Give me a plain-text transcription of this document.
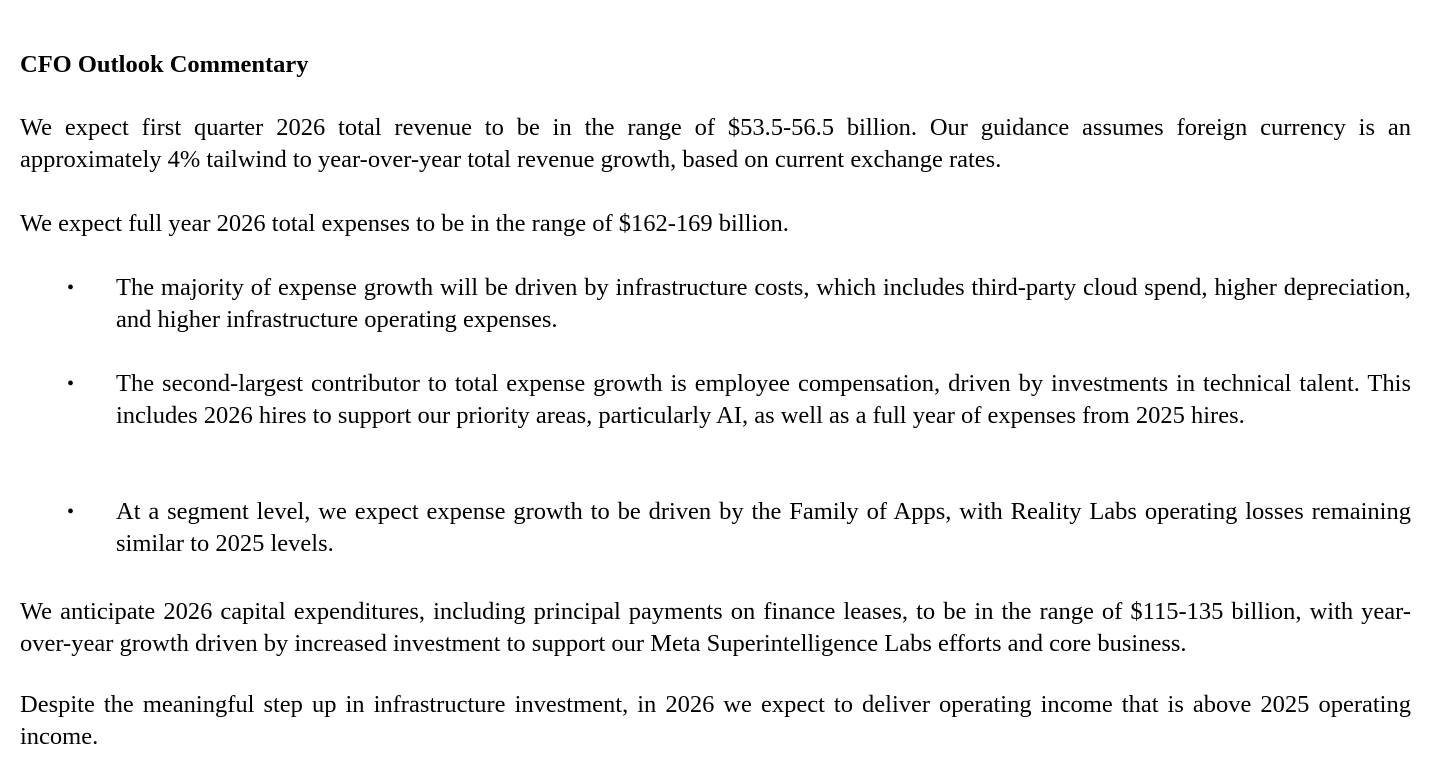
CFO Outlook Commentary
We expect first quarter 2026 total revenue to be in the range of $53.5-56.5 billion. Our guidance assumes foreign currency is an approximately 4% tailwind to year-over-year total revenue growth, based on current exchange rates.
We expect full year 2026 total expenses to be in the range of $162-169 billion.
• The majority of expense growth will be driven by infrastructure costs, which includes third-party cloud spend, higher depreciation, and higher infrastructure operating expenses.
• The second-largest contributor to total expense growth is employee compensation, driven by investments in technical talent. This includes 2026 hires to support our priority areas, particularly AI, as well as a full year of expenses from 2025 hires.
• At a segment level, we expect expense growth to be driven by the Family of Apps, with Reality Labs operating losses remaining similar to 2025 levels.
We anticipate 2026 capital expenditures, including principal payments on finance leases, to be in the range of $115-135 billion, with year-over-year growth driven by increased investment to support our Meta Superintelligence Labs efforts and core business.
Despite the meaningful step up in infrastructure investment, in 2026 we expect to deliver operating income that is above 2025 operating income.
